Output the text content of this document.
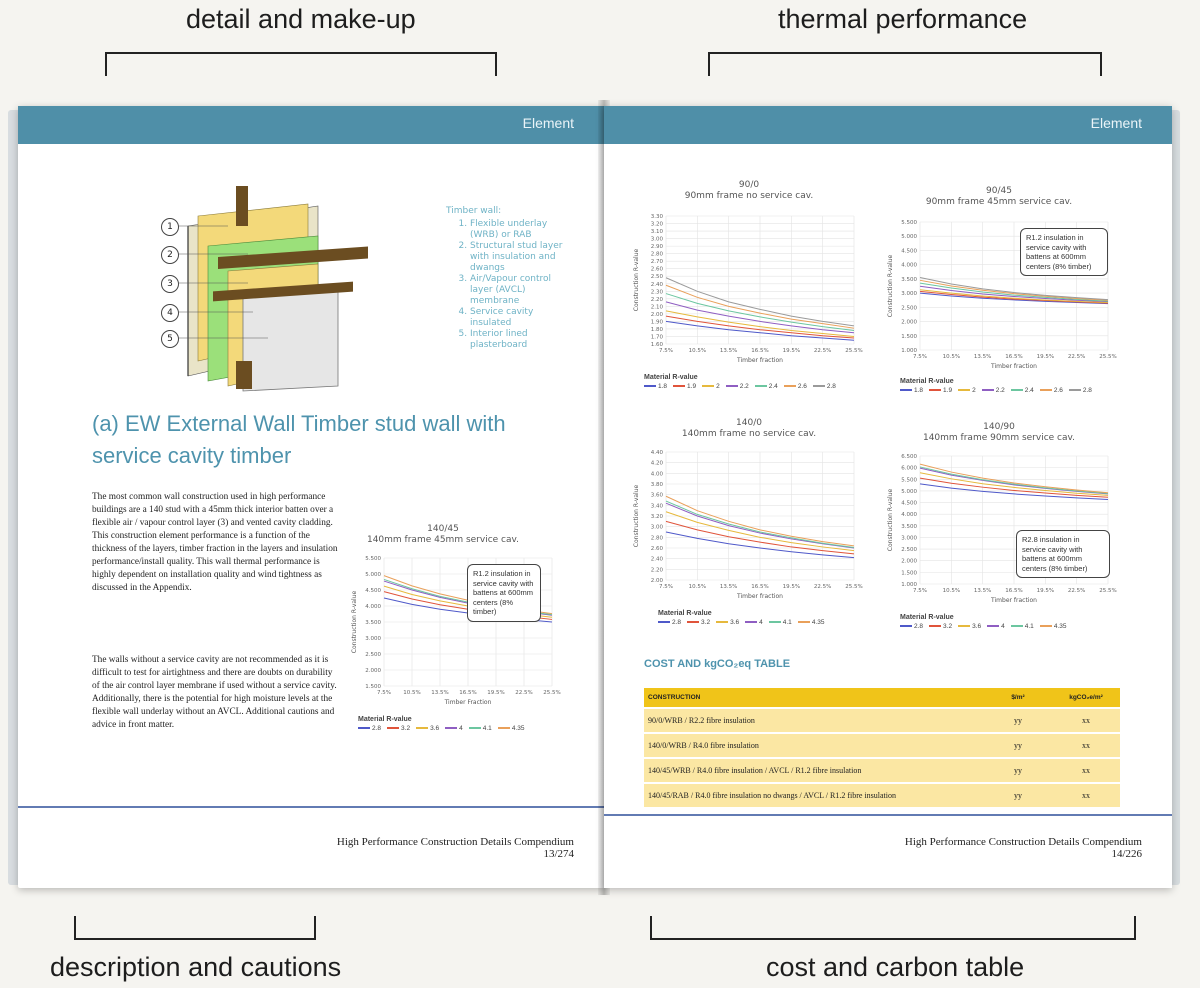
detail and make-up	thermal performance
description and cautions	cost and carbon table
Element
1
2
3
4
5
Timber wall:
1. Flexible underlay (WRB) or RAB
2. Structural stud layer with insulation and dwangs
3. Air/Vapour control layer (AVCL) membrane
4. Service cavity insulated
5. Interior lined plasterboard
(a) EW External Wall Timber stud wall with service cavity timber
The most common wall construction used in high performance buildings are a 140 stud with a 45mm thick interior batten over a flexible air / vapour control layer (3) and vented cavity cladding. This construction element performance is a function of the thickness of the layers, timber fraction in the layers and insulation performance/install quality. This wall thermal performance is highly dependent on installation quality and wind tightness as discussed in the Appendix.
The walls without a service cavity are not recommended as it is difficult to test for airtightness and there are doubts on durability of the air control layer membrane if used without a service cavity. Additionally, there is the potential for high moisture levels at the flexible wall underlay without an AVCL. Additional cautions and advice in front matter.
140/45
140mm frame 45mm service cav.
5.500
5.000
4.500
4.000
3.500
3.000
2.500
2.000
1.500
7.5% 10.5% 13.5% 16.5% 19.5% 22.5% 25.5%
Timber Fraction
Construction R-value
R1.2 insulation in service cavity with battens at 600mm centers (8% timber)
Material R-value
2.8	3.2	3.6	4	4.1	4.35
High Performance Construction Details Compendium
13/274
Element
90/0
90mm frame no service cav.
3.30
3.20
3.10
3.00
2.90
2.80
2.70
2.60
2.50
2.40
2.30
2.20
2.10
2.00
1.90
1.80
1.70
1.60
7.5%	10.5%	13.5%	16.5%	19.5%	22.5%	25.5%
Timber fraction
Construction R-value
Material R-value
1.8	1.9	2	2.2	2.4	2.6	2.8
90/45
90mm frame 45mm service cav.
5.500
5.000
4.500
4.000
3.500
3.000
2.500
2.000
1.500
1.000
7.5%	10.5%	13.5%	16.5%	19.5%	22.5%	25.5%
Timber fraction
Construction R-value
R1.2 insulation in service cavity with battens at 600mm centers (8% timber)
Material R-value
1.8	1.9	2	2.2	2.4	2.6	2.8
140/0
140mm frame no service cav.
4.40
4.20
4.00
3.80
3.60
3.40
3.20
3.00
2.80
2.60
2.40
2.20
2.00
7.5%	10.5%	13.5%	16.5%	19.5%	22.5%	25.5%
Timber fraction
Construction R-value
Material R-value
2.8	3.2	3.6	4	4.1	4.35
140/90
140mm frame 90mm service cav.
6.500
6.000
5.500
5.000
4.500
4.000
3.500
3.000
2.500
2.000
1.500
1.000
7.5%	10.5%	13.5%	16.5%	19.5%	22.5%	25.5%
Timber fraction
Construction R-value	R2.8 insulation in service cavity with battens at 600mm centers (8% timber)
Material R-value
2.8	3.2	3.6	4	4.1	4.35
COST AND kgCO₂eq TABLE
CONSTRUCTION	$/m²	kgCO₂e/m²
90/0/WRB / R2.2 fibre insulation	yy	xx
140/0/WRB / R4.0 fibre insulation	yy	xx
140/45/WRB / R4.0 fibre insulation / AVCL / R1.2 fibre insulation	yy	xx
140/45/RAB / R4.0 fibre insulation no dwangs / AVCL / R1.2 fibre insulation	yy	xx
High Performance Construction Details Compendium
14/226
